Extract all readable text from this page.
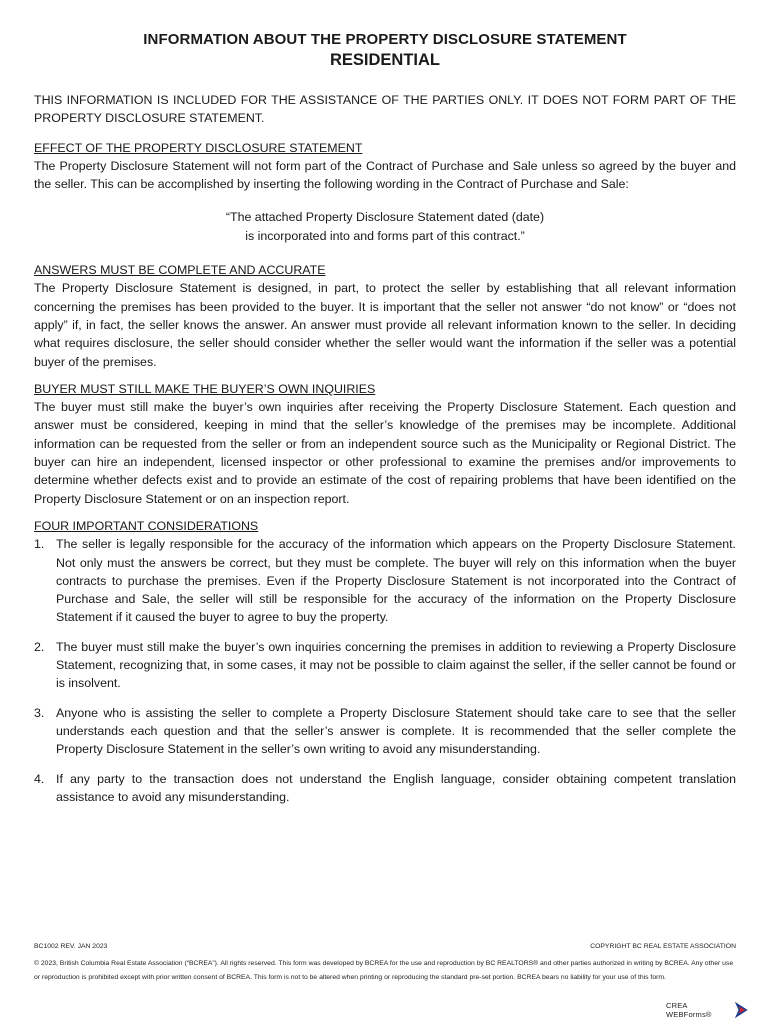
INFORMATION ABOUT THE PROPERTY DISCLOSURE STATEMENT
RESIDENTIAL

THIS INFORMATION IS INCLUDED FOR THE ASSISTANCE OF THE PARTIES ONLY. IT DOES NOT FORM PART OF THE PROPERTY DISCLOSURE STATEMENT.

EFFECT OF THE PROPERTY DISCLOSURE STATEMENT

The Property Disclosure Statement will not form part of the Contract of Purchase and Sale unless so agreed by the buyer and the seller. This can be accomplished by inserting the following wording in the Contract of Purchase and Sale:

“The attached Property Disclosure Statement dated (date)
is incorporated into and forms part of this contract.”
ANSWERS MUST BE COMPLETE AND ACCURATE

The Property Disclosure Statement is designed, in part, to protect the seller by establishing that all relevant information concerning the premises has been provided to the buyer. It is important that the seller not answer “do not know” or “does not apply” if, in fact, the seller knows the answer. An answer must provide all relevant information known to the seller. In deciding what requires disclosure, the seller should consider whether the seller would want the information if the seller was a potential buyer of the premises.

BUYER MUST STILL MAKE THE BUYER’S OWN INQUIRIES

The buyer must still make the buyer’s own inquiries after receiving the Property Disclosure Statement. Each question and answer must be considered, keeping in mind that the seller’s knowledge of the premises may be incomplete. Additional information can be requested from the seller or from an independent source such as the Municipality or Regional District. The buyer can hire an independent, licensed inspector or other professional to examine the premises and/or improvements to determine whether defects exist and to provide an estimate of the cost of repairing problems that have been identified on the Property Disclosure Statement or on an inspection report.

FOUR IMPORTANT CONSIDERATIONS
1. The seller is legally responsible for the accuracy of the information which appears on the Property Disclosure Statement. Not only must the answers be correct, but they must be complete. The buyer will rely on this information when the buyer contracts to purchase the premises. Even if the Property Disclosure Statement is not incorporated into the Contract of Purchase and Sale, the seller will still be responsible for the accuracy of the information on the Property Disclosure Statement if it caused the buyer to agree to buy the property.
2. The buyer must still make the buyer’s own inquiries concerning the premises in addition to reviewing a Property Disclosure Statement, recognizing that, in some cases, it may not be possible to claim against the seller, if the seller cannot be found or is insolvent.
3. Anyone who is assisting the seller to complete a Property Disclosure Statement should take care to see that the seller understands each question and that the seller’s answer is complete. It is recommended that the seller complete the Property Disclosure Statement in the seller’s own writing to avoid any misunderstanding.
4. If any party to the transaction does not understand the English language, consider obtaining competent translation assistance to avoid any misunderstanding.
BC1002 REV. JAN 2023	COPYRIGHT BC REAL ESTATE ASSOCIATION
© 2023, British Columbia Real Estate Association (“BCREA”). All rights reserved. This form was developed by BCREA for the use and reproduction by BC REALTORS® and other parties authorized in writing by BCREA. Any other use or reproduction is prohibited except with prior written consent of BCREA. This form is not to be altered when printing or reproducing the standard pre-set portion. BCREA bears no liability for your use of this form.
CREA WEBForms®
